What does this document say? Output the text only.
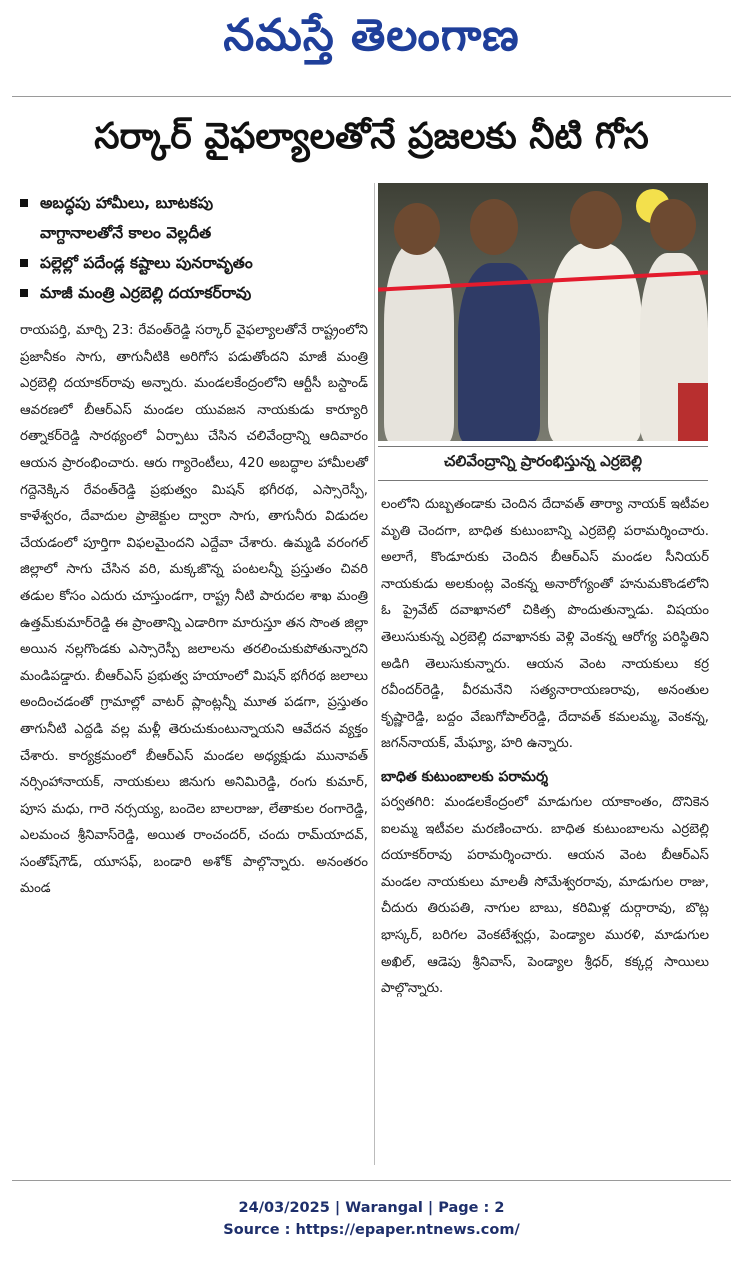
నమస్తే తెలంగాణ
సర్కార్ వైఫల్యాలతోనే ప్రజలకు నీటి గోస
అబద్ధపు హామీలు, బూటకపు
వాగ్దానాలతోనే కాలం వెల్లదీత
పల్లెల్లో పదేండ్ల కష్టాలు పునరావృతం
మాజీ మంత్రి ఎర్రబెల్లి దయాకర్‌రావు
చలివేంద్రాన్ని ప్రారంభిస్తున్న ఎర్రబెల్లి

రాయపర్తి, మార్చి 23: రేవంత్‌రెడ్డి సర్కార్ వైఫల్యాలతోనే రాష్ట్రంలోని ప్రజానీకం సాగు, తాగునీటికి అరిగోస పడుతోందని మాజీ మంత్రి ఎర్రబెల్లి దయాకర్‌రావు అన్నారు. మండలకేంద్రంలోని ఆర్టీసీ బస్టాండ్ ఆవరణలో బీఆర్‌ఎస్ మండల యువజన నాయకుడు కార్యూరి రత్నాకర్‌రెడ్డి సారథ్యంలో ఏర్పాటు చేసిన చలివేంద్రాన్ని ఆదివారం ఆయన ప్రారంభించారు. ఆరు గ్యారెంటీలు, 420 అబద్ధాల హామీలతో గద్దెనెక్కిన రేవంత్‌రెడ్డి ప్రభుత్వం మిషన్ భగీరథ, ఎస్సారెస్పీ, కాళేశ్వరం, దేవాదుల ప్రాజెక్టుల ద్వారా సాగు, తాగునీరు విడుదల చేయడంలో పూర్తిగా విఫలమైందని ఎద్దేవా చేశారు. ఉమ్మడి వరంగల్ జిల్లాలో సాగు చేసిన వరి, మక్కజొన్న పంటలన్నీ ప్రస్తుతం చివరి తడుల కోసం ఎదురు చూస్తుండగా, రాష్ట్ర నీటి పారుదల శాఖ మంత్రి ఉత్తమ్‌కుమార్‌రెడ్డి ఈ ప్రాంతాన్ని ఎడారిగా మారుస్తూ తన సొంత జిల్లా అయిన నల్లగొండకు ఎస్సారెస్పీ జలాలను తరలించుకుపోతున్నారని మండిపడ్డారు. బీఆర్‌ఎస్ ప్రభుత్వ హయాంలో మిషన్ భగీరథ జలాలు అందించడంతో గ్రామాల్లో వాటర్ ప్లాంట్లన్నీ మూత పడగా, ప్రస్తుతం తాగునీటి ఎద్దడి వల్ల మళ్లీ తెరుచుకుంటున్నాయని ఆవేదన వ్యక్తం చేశారు. కార్యక్రమంలో బీఆర్‌ఎస్ మండల అధ్యక్షుడు మునావత్ నర్సింహానాయక్, నాయకులు జినుగు అనిమిరెడ్డి, రంగు కుమార్, పూస మధు, గారె నర్సయ్య, బందెల బాలరాజు, లేతాకుల రంగారెడ్డి, ఎలమంచ శ్రీనివాస్‌రెడ్డి, అయిత రాంచందర్, చందు రామ్‌యాదవ్, సంతోష్‌గౌడ్, యూసఫ్, బండారి అశోక్ పాల్గొన్నారు. అనంతరం మండ

లంలోని దుబ్బతండాకు చెందిన దేదావత్ తార్యా నాయక్ ఇటీవల మృతి చెందగా, బాధిత కుటుంబాన్ని ఎర్రబెల్లి పరామర్శించారు. అలాగే, కొండూరుకు చెందిన బీఆర్‌ఎస్ మండల సీనియర్ నాయకుడు అలకుంట్ల వెంకన్న అనారోగ్యంతో హనుమకొండలోని ఓ ప్రైవేట్ దవాఖానలో చికిత్స పొందుతున్నాడు. విషయం తెలుసుకున్న ఎర్రబెల్లి దవాఖానకు వెళ్లి వెంకన్న ఆరోగ్య పరిస్థితిని అడిగి తెలుసుకున్నారు. ఆయన వెంట నాయకులు కర్ర రవీందర్‌రెడ్డి, వీరమనేని సత్యనారాయణరావు, అనంతుల కృష్ణారెడ్డి, బద్దం వేణుగోపాల్‌రెడ్డి, దేదావత్ కమలమ్మ, వెంకన్న, జగన్‌నాయక్, మేఘ్యా, హరి ఉన్నారు.

బాధిత కుటుంబాలకు పరామర్శ

పర్వతగిరి: మండలకేంద్రంలో మాడుగుల యాకాంతం, దొనికెన ఐలమ్మ ఇటీవల మరణించారు. బాధిత కుటుంబాలను ఎర్రబెల్లి దయాకర్‌రావు పరామర్శించారు. ఆయన వెంట బీఆర్‌ఎస్ మండల నాయకులు మాలతీ సోమేశ్వరరావు, మాడుగుల రాజు, చీదురు తిరుపతి, నాగుల బాబు, కరిమిళ్ల దుర్గారావు, బొట్ల భాస్కర్, బరిగల వెంకటేశ్వర్లు, పెండ్యాల మురళి, మాడుగుల అఖిల్, ఆడెపు శ్రీనివాస్, పెండ్యాల శ్రీధర్, కక్కర్ల సాయిలు పాల్గొన్నారు.

24/03/2025 | Warangal | Page : 2
Source : https://epaper.ntnews.com/
